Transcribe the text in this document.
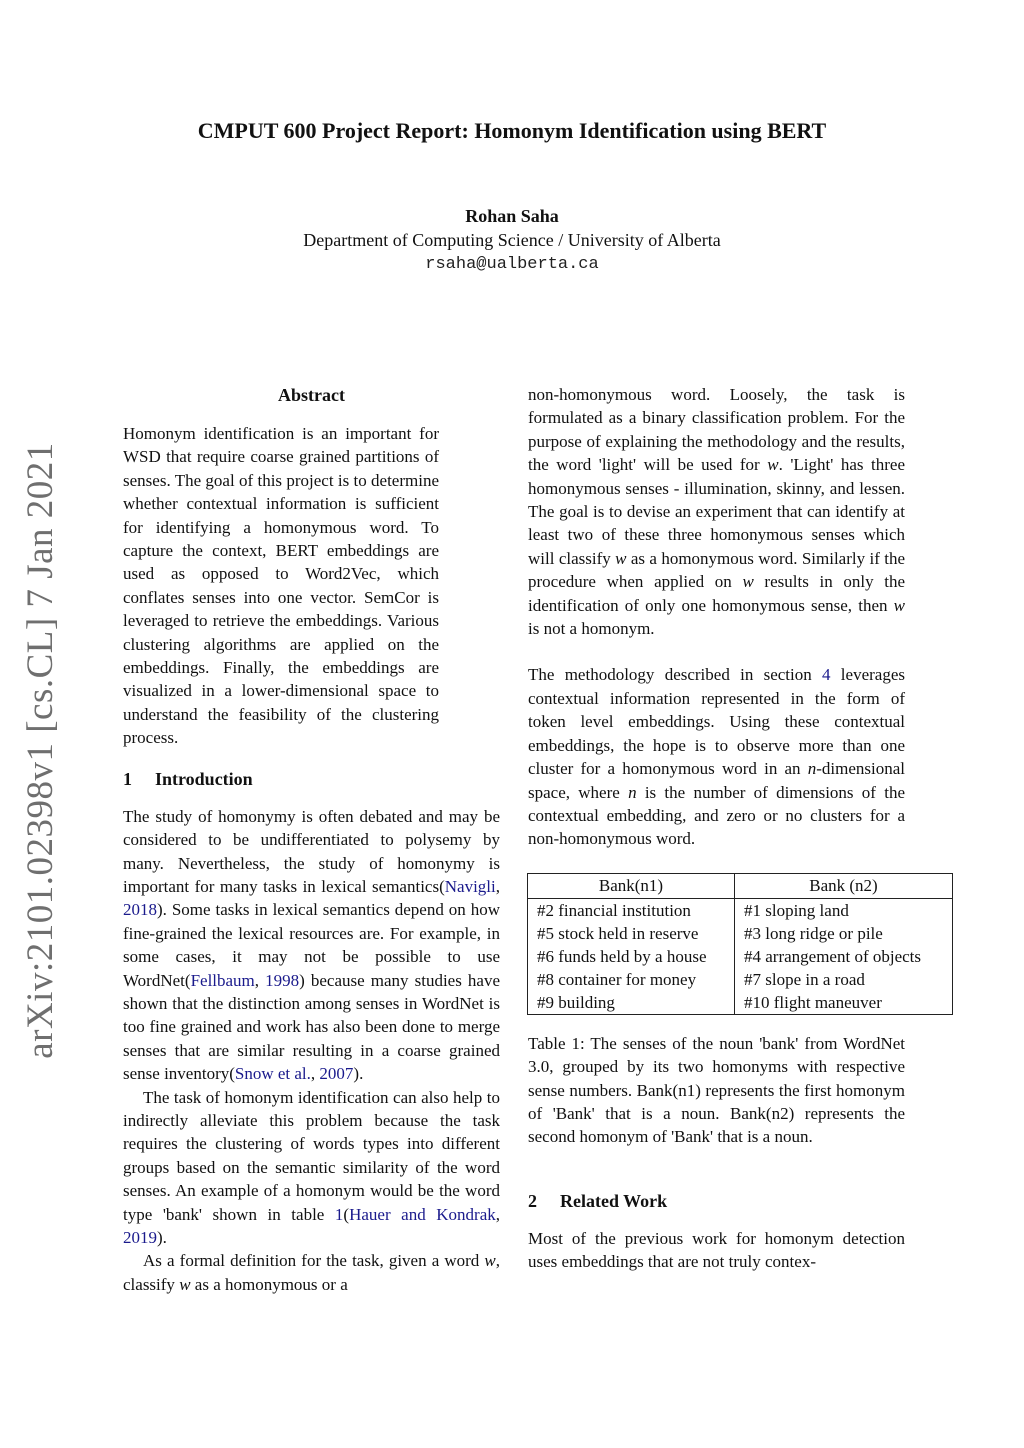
arXiv:2101.02398v1 [cs.CL] 7 Jan 2021
CMPUT 600 Project Report: Homonym Identification using BERT
Rohan Saha
Department of Computing Science / University of Alberta
rsaha@ualberta.ca
Abstract

Homonym identification is an important for WSD that require coarse grained partitions of senses. The goal of this project is to determine whether contextual information is sufficient for identifying a homonymous word. To capture the context, BERT embeddings are used as opposed to Word2Vec, which conflates senses into one vector. SemCor is leveraged to retrieve the embeddings. Various clustering algorithms are applied on the embeddings. Finally, the embeddings are visualized in a lower-dimensional space to understand the feasibility of the clustering process.

1	Introduction

The study of homonymy is often debated and may be considered to be undifferentiated to polysemy by many. Nevertheless, the study of homonymy is important for many tasks in lexical semantics(Navigli, 2018). Some tasks in lexical semantics depend on how fine-grained the lexical resources are. For example, in some cases, it may not be possible to use WordNet(Fellbaum, 1998) because many studies have shown that the distinction among senses in WordNet is too fine grained and work has also been done to merge senses that are similar resulting in a coarse grained sense inventory(Snow et al., 2007).

The task of homonym identification can also help to indirectly alleviate this problem because the task requires the clustering of words types into different groups based on the semantic similarity of the word senses. An example of a homonym would be the word type 'bank' shown in table 1(Hauer and Kondrak, 2019).

As a formal definition for the task, given a word w, classify w as a homonymous or a

non-homonymous word. Loosely, the task is formulated as a binary classification problem. For the purpose of explaining the methodology and the results, the word 'light' will be used for w. 'Light' has three homonymous senses - illumination, skinny, and lessen. The goal is to devise an experiment that can identify at least two of these three homonymous senses which will classify w as a homonymous word. Similarly if the procedure when applied on w results in only the identification of only one homonymous sense, then w is not a homonym.

The methodology described in section 4 leverages contextual information represented in the form of token level embeddings. Using these contextual embeddings, the hope is to observe more than one cluster for a homonymous word in an n-dimensional space, where n is the number of dimensions of the contextual embedding, and zero or no clusters for a non-homonymous word.

Bank(n1)	Bank (n2)
#2 financial institution	#1 sloping land
#5 stock held in reserve	#3 long ridge or pile
#6 funds held by a house	#4 arrangement of objects
#8 container for money	#7 slope in a road
#9 building	#10 flight maneuver

Table 1: The senses of the noun 'bank' from WordNet 3.0, grouped by its two homonyms with respective sense numbers. Bank(n1) represents the first homonym of 'Bank' that is a noun. Bank(n2) represents the second homonym of 'Bank' that is a noun.

2	Related Work

Most of the previous work for homonym detection uses embeddings that are not truly contex-
